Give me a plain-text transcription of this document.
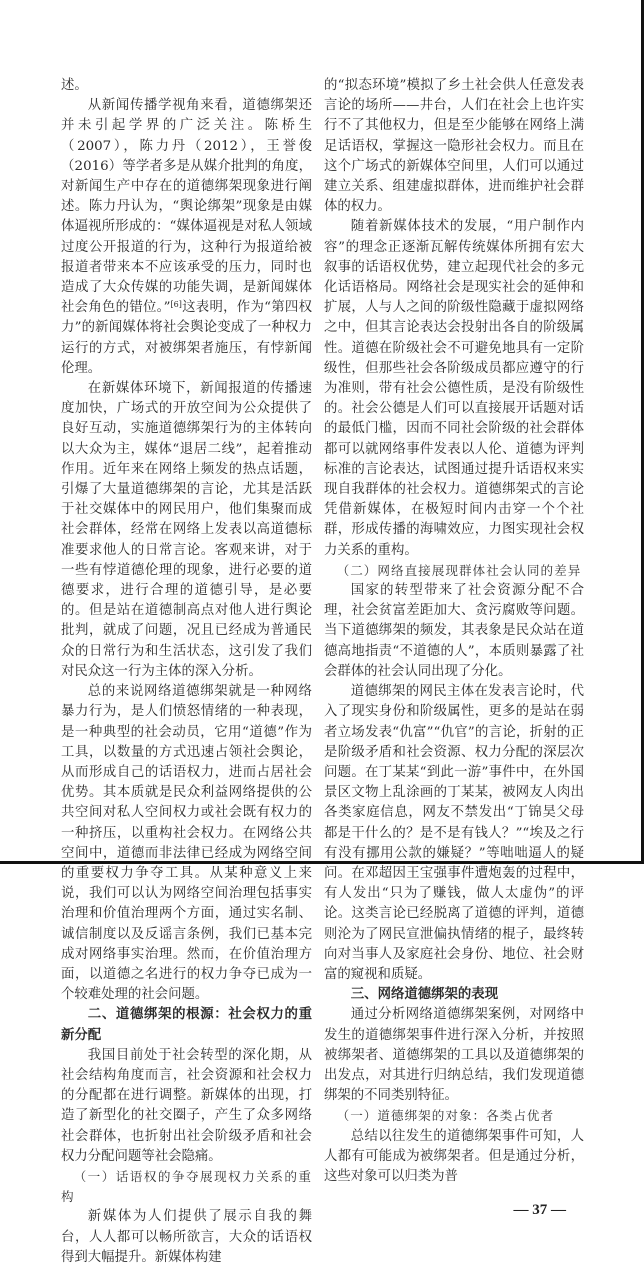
述。

从新闻传播学视角来看，道德绑架还并未引起学界的广泛关注。陈桥生（2007），陈力丹（2012），王誉俊（2016）等学者多是从媒介批判的角度，对新闻生产中存在的道德绑架现象进行阐述。陈力丹认为，“舆论绑架”现象是由媒体逼视所形成的：“媒体逼视是对私人领域过度公开报道的行为，这种行为报道给被报道者带来本不应该承受的压力，同时也造成了大众传媒的功能失调，是新闻媒体社会角色的错位。”[6]这表明，作为“第四权力”的新闻媒体将社会舆论变成了一种权力运行的方式，对被绑架者施压，有悖新闻伦理。

在新媒体环境下，新闻报道的传播速度加快，广场式的开放空间为公众提供了良好互动，实施道德绑架行为的主体转向以大众为主，媒体“退居二线”，起着推动作用。近年来在网络上频发的热点话题，引爆了大量道德绑架的言论，尤其是活跃于社交媒体中的网民用户，他们集聚而成社会群体，经常在网络上发表以高道德标准要求他人的日常言论。客观来讲，对于一些有悖道德伦理的现象，进行必要的道德要求，进行合理的道德引导，是必要的。但是站在道德制高点对他人进行舆论批判，就成了问题，况且已经成为普通民众的日常行为和生活状态，这引发了我们对民众这一行为主体的深入分析。

总的来说网络道德绑架就是一种网络暴力行为，是人们愤怒情绪的一种表现，是一种典型的社会动员，它用“道德”作为工具，以数量的方式迅速占领社会舆论，从而形成自己的话语权力，进而占居社会优势。其本质就是民众利益网络提供的公共空间对私人空间权力或社会既有权力的一种挤压，以重构社会权力。在网络公共空间中，道德而非法律已经成为网络空间的重要权力争夺工具。从某种意义上来说，我们可以认为网络空间治理包括事实治理和价值治理两个方面，通过实名制、诚信制度以及反谣言条例，我们已基本完成对网络事实治理。然而，在价值治理方面，以道德之名进行的权力争夺已成为一个较难处理的社会问题。

二、道德绑架的根源：社会权力的重新分配

我国目前处于社会转型的深化期，从社会结构角度而言，社会资源和社会权力的分配都在进行调整。新媒体的出现，打造了新型化的社交圈子，产生了众多网络社会群体，也折射出社会阶级矛盾和社会权力分配问题等社会隐痛。

（一）话语权的争夺展现权力关系的重构

新媒体为人们提供了展示自我的舞台，人人都可以畅所欲言，大众的话语权得到大幅提升。新媒体构建

的“拟态环境”模拟了乡土社会供人任意发表言论的场所——井台，人们在社会上也许实行不了其他权力，但是至少能够在网络上满足话语权，掌握这一隐形社会权力。而且在这个广场式的新媒体空间里，人们可以通过建立关系、组建虚拟群体，进而维护社会群体的权力。

随着新媒体技术的发展，“用户制作内容”的理念正逐渐瓦解传统媒体所拥有宏大叙事的话语权优势，建立起现代社会的多元化话语格局。网络社会是现实社会的延伸和扩展，人与人之间的阶级性隐藏于虚拟网络之中，但其言论表达会投射出各自的阶级属性。道德在阶级社会不可避免地具有一定阶级性，但那些社会各阶级成员都应遵守的行为准则，带有社会公德性质，是没有阶级性的。社会公德是人们可以直接展开话题对话的最低门槛，因而不同社会阶级的社会群体都可以就网络事件发表以人伦、道德为评判标准的言论表达，试图通过提升话语权来实现自我群体的社会权力。道德绑架式的言论凭借新媒体，在极短时间内击穿一个个社群，形成传播的海啸效应，力图实现社会权力关系的重构。

（二）网络直接展现群体社会认同的差异

国家的转型带来了社会资源分配不合理，社会贫富差距加大、贪污腐败等问题。当下道德绑架的频发，其表象是民众站在道德高地指责“不道德的人”，本质则暴露了社会群体的社会认同出现了分化。

道德绑架的网民主体在发表言论时，代入了现实身份和阶级属性，更多的是站在弱者立场发表“仇富”“仇官”的言论，折射的正是阶级矛盾和社会资源、权力分配的深层次问题。在丁某某“到此一游”事件中，在外国景区文物上乱涂画的丁某某，被网友人肉出各类家庭信息，网友不禁发出“丁锦昊父母都是干什么的？是不是有钱人？”“埃及之行有没有挪用公款的嫌疑？”等咄咄逼人的疑问。在邓超因王宝强事件遭炮轰的过程中，有人发出“只为了赚钱，做人太虚伪”的评论。这类言论已经脱离了道德的评判，道德则沦为了网民宣泄偏执情绪的棍子，最终转向对当事人及家庭社会身份、地位、社会财富的窥视和质疑。

三、网络道德绑架的表现

通过分析网络道德绑架案例，对网络中发生的道德绑架事件进行深入分析，并按照被绑架者、道德绑架的工具以及道德绑架的出发点，对其进行归纳总结，我们发现道德绑架的不同类别特征。

（一）道德绑架的对象：各类占优者

总结以往发生的道德绑架事件可知，人人都有可能成为被绑架者。但是通过分析，这些对象可以归类为普

— 37 —
